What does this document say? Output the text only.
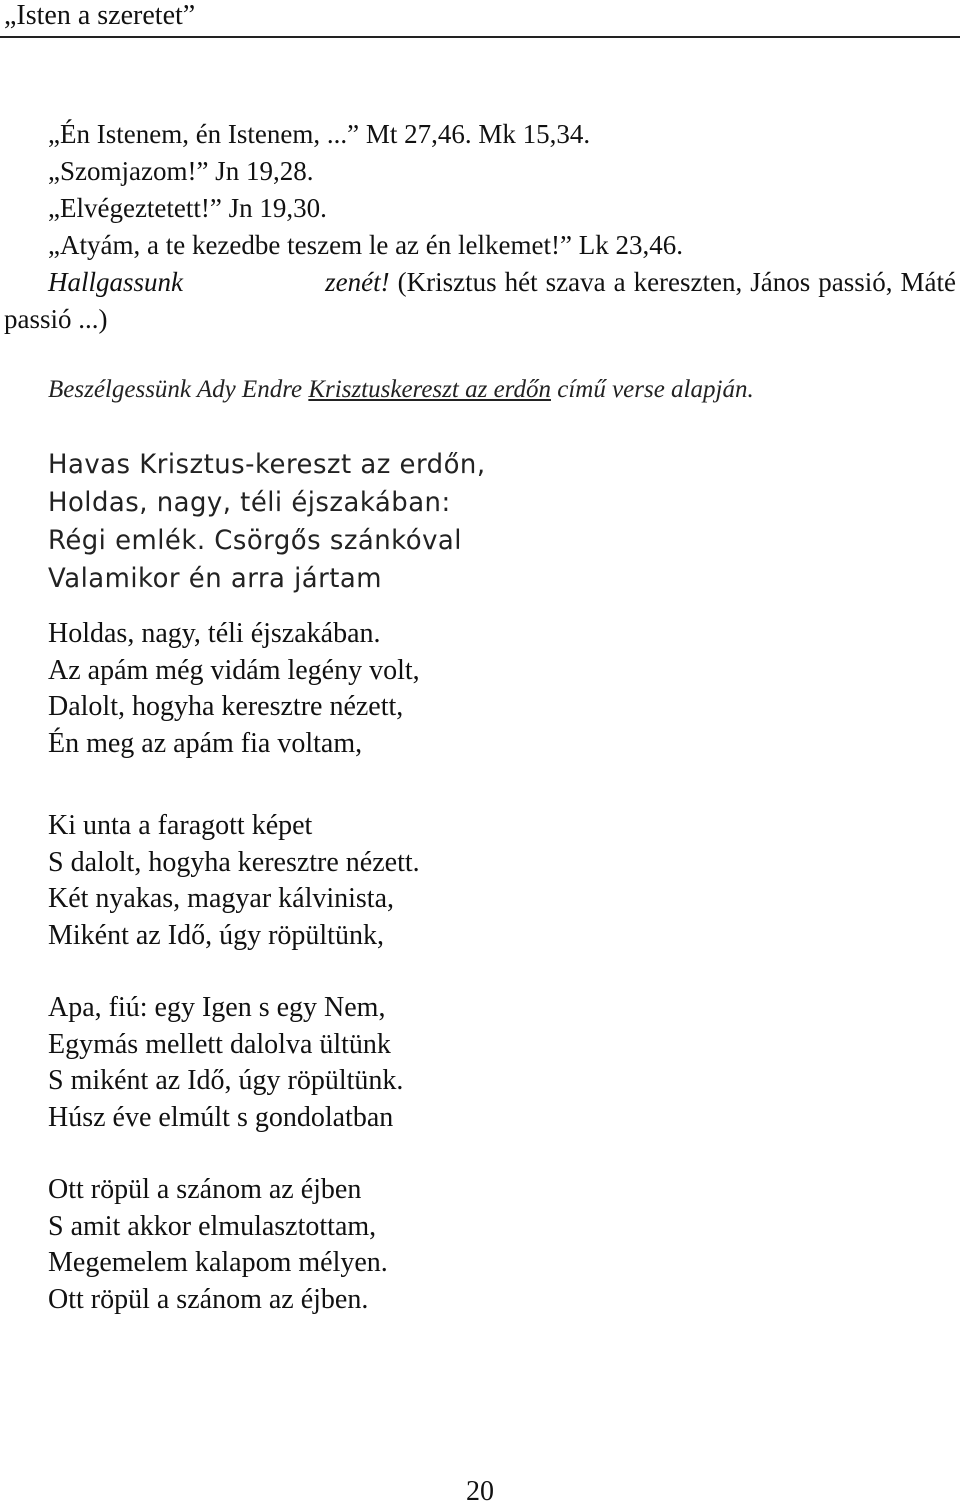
„Isten a szeretet”
„Én Istenem, én Istenem, ...” Mt 27,46. Mk 15,34.
„Szomjazom!” Jn 19,28.
„Elvégeztetett!” Jn 19,30.
„Atyám, a te kezedbe teszem le az én lelkemet!” Lk 23,46.
Hallgassunk zenét! (Krisztus hét szava a kereszten, János passió, Máté
passió ...)
Beszélgessünk Ady Endre Krisztuskereszt az erdőn című verse alapján.
Havas Krisztus-kereszt az erdőn,
Holdas, nagy, téli éjszakában:
Régi emlék. Csörgős szánkóval
Valamikor én arra jártam
Holdas, nagy, téli éjszakában.
Az apám még vidám legény volt,
Dalolt, hogyha keresztre nézett,
Én meg az apám fia voltam,
Ki unta a faragott képet
S dalolt, hogyha keresztre nézett.
Két nyakas, magyar kálvinista,
Miként az Idő, úgy röpültünk,
Apa, fiú: egy Igen s egy Nem,
Egymás mellett dalolva ültünk
S miként az Idő, úgy röpültünk.
Húsz éve elmúlt s gondolatban
Ott röpül a szánom az éjben
S amit akkor elmulasztottam,
Megemelem kalapom mélyen.
Ott röpül a szánom az éjben.
20
